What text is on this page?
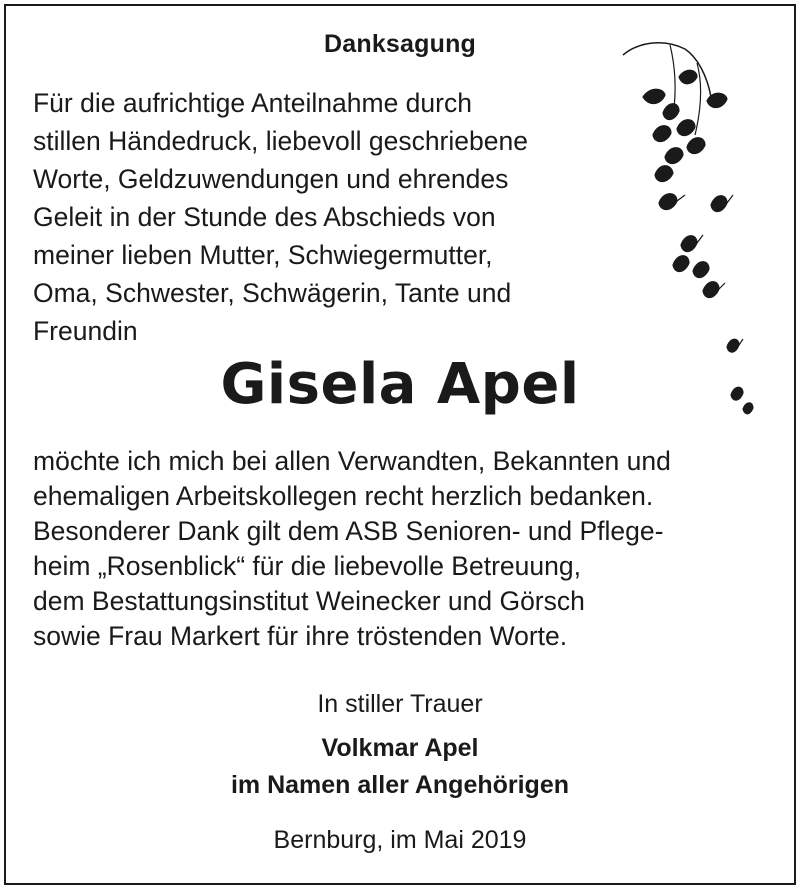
Danksagung
Für die aufrichtige Anteilnahme durch
stillen Händedruck, liebevoll geschriebene
Worte, Geldzuwendungen und ehrendes
Geleit in der Stunde des Abschieds von
meiner lieben Mutter, Schwiegermutter,
Oma, Schwester, Schwägerin, Tante und
Freundin
Gisela Apel
möchte ich mich bei allen Verwandten, Bekannten und
ehemaligen Arbeitskollegen recht herzlich bedanken.
Besonderer Dank gilt dem ASB Senioren- und Pflege-
heim „Rosenblick“ für die liebevolle Betreuung,
dem Bestattungsinstitut Weinecker und Görsch
sowie Frau Markert für ihre tröstenden Worte.
In stiller Trauer
Volkmar Apel
im Namen aller Angehörigen
Bernburg, im Mai 2019
